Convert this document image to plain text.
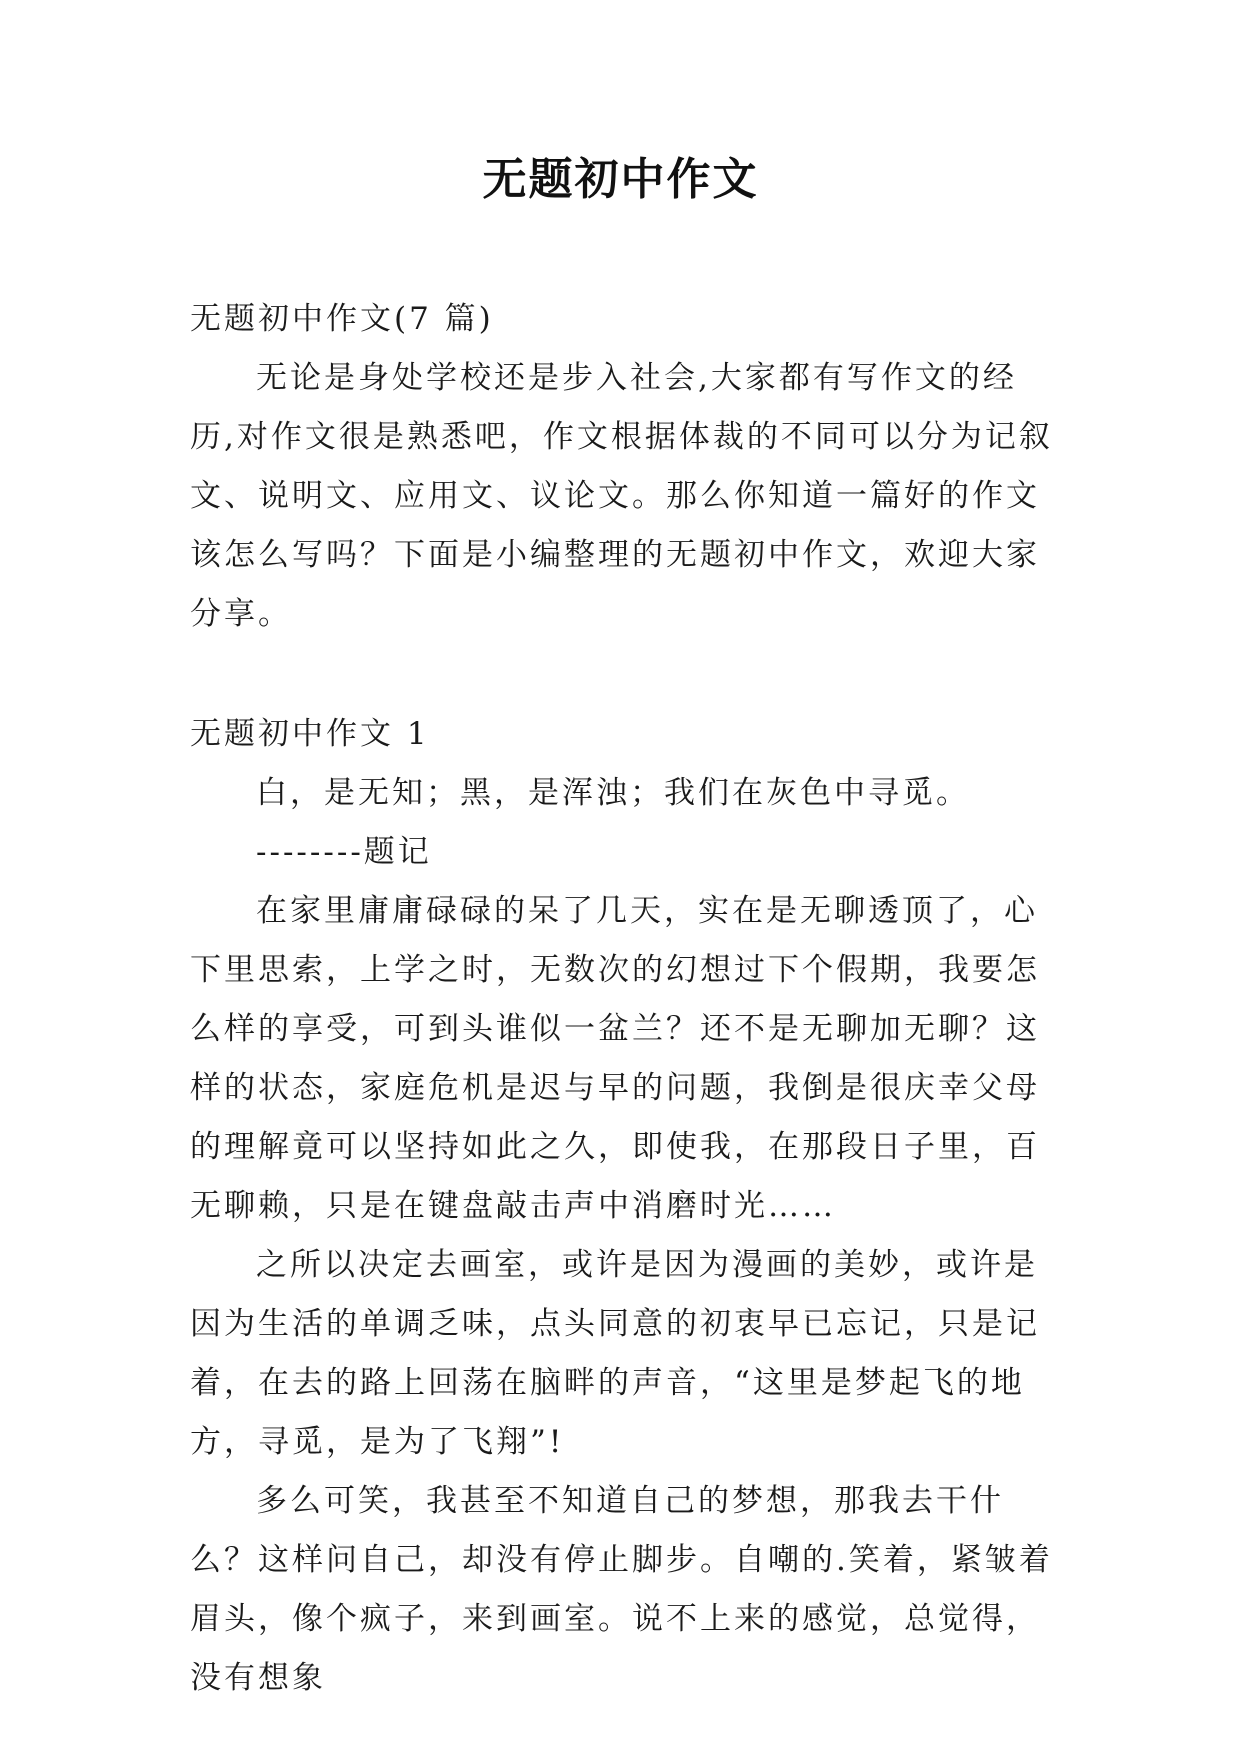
无题初中作文

无题初中作文(7 篇)

无论是身处学校还是步入社会,大家都有写作文的经历,对作文很是熟悉吧，作文根据体裁的不同可以分为记叙文、说明文、应用文、议论文。那么你知道一篇好的作文该怎么写吗？下面是小编整理的无题初中作文，欢迎大家分享。

无题初中作文 1

白，是无知；黑，是浑浊；我们在灰色中寻觅。

--------题记

在家里庸庸碌碌的呆了几天，实在是无聊透顶了，心下里思索，上学之时，无数次的幻想过下个假期，我要怎么样的享受，可到头谁似一盆兰？还不是无聊加无聊？这样的状态，家庭危机是迟与早的问题，我倒是很庆幸父母的理解竟可以坚持如此之久，即使我，在那段日子里，百无聊赖，只是在键盘敲击声中消磨时光……

之所以决定去画室，或许是因为漫画的美妙，或许是因为生活的单调乏味，点头同意的初衷早已忘记，只是记着，在去的路上回荡在脑畔的声音，“这里是梦起飞的地方，寻觅，是为了飞翔”!

多么可笑，我甚至不知道自己的梦想，那我去干什么？这样问自己，却没有停止脚步。自嘲的.笑着，紧皱着眉头，像个疯子，来到画室。说不上来的感觉，总觉得，没有想象
